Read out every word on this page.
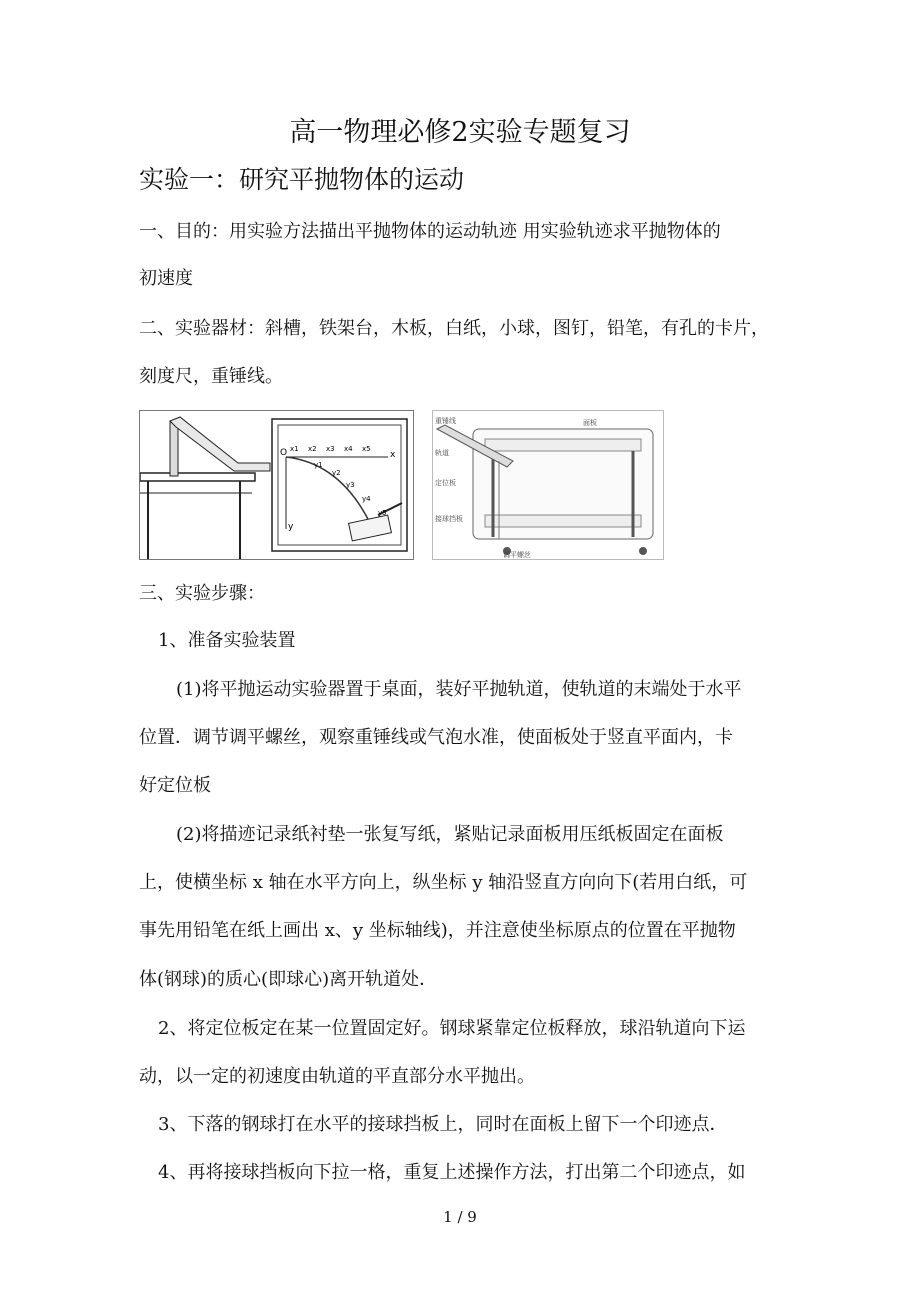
高一物理必修2实验专题复习
实验一：研究平抛物体的运动
一、目的：用实验方法描出平抛物体的运动轨迹 用实验轨迹求平抛物体的
初速度
二、实验器材：斜槽，铁架台，木板，白纸，小球，图钉，铅笔，有孔的卡片，
刻度尺，重锤线。
O	x
y
x1 x2 x3 x4 x5
y1
y2
y3
y4
y5
重锤线
轨道
面板
定位板
接球挡板
调平螺丝
三、实验步骤：
1、准备实验装置
(1)将平抛运动实验器置于桌面，装好平抛轨道，使轨道的末端处于水平
位置．调节调平螺丝，观察重锤线或气泡水准，使面板处于竖直平面内，卡
好定位板
(2)将描迹记录纸衬垫一张复写纸，紧贴记录面板用压纸板固定在面板
上，使横坐标 x 轴在水平方向上，纵坐标 y 轴沿竖直方向向下(若用白纸，可
事先用铅笔在纸上画出 x、y 坐标轴线)，并注意使坐标原点的位置在平抛物
体(钢球)的质心(即球心)离开轨道处．
2、将定位板定在某一位置固定好。钢球紧靠定位板释放，球沿轨道向下运
动，以一定的初速度由轨道的平直部分水平抛出。
3、下落的钢球打在水平的接球挡板上，同时在面板上留下一个印迹点．
4、再将接球挡板向下拉一格，重复上述操作方法，打出第二个印迹点，如
1 / 9
